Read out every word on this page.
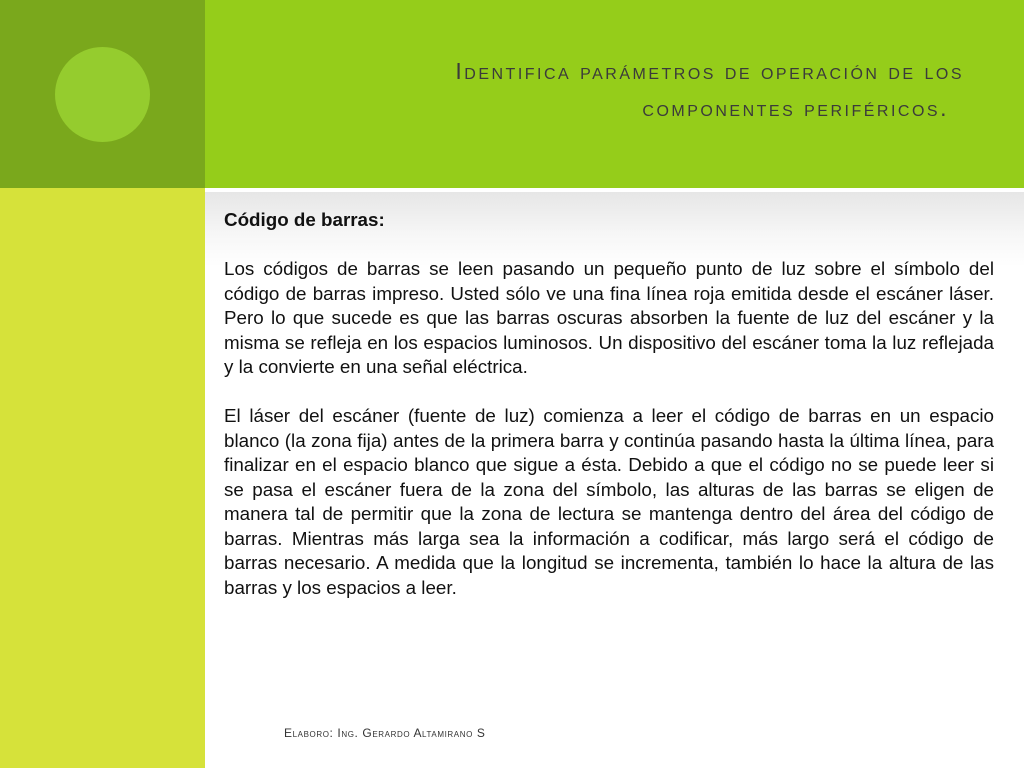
Identifica parámetros de operación de los
componentes periféricos.
Código de barras:

Los códigos de barras se leen pasando un pequeño punto de luz sobre el símbolo del código de barras impreso. Usted sólo ve una fina línea roja emitida desde el escáner láser. Pero lo que sucede es que las barras oscuras absorben la fuente de luz del escáner y la misma se refleja en los espacios luminosos. Un dispositivo del escáner toma la luz reflejada y la convierte en una señal eléctrica.

El láser del escáner (fuente de luz) comienza a leer el código de barras en un espacio blanco (la zona fija) antes de la primera barra y continúa pasando hasta la última línea, para finalizar en el espacio blanco que sigue a ésta. Debido a que el código no se puede leer si se pasa el escáner fuera de la zona del símbolo, las alturas de las barras se eligen de manera tal de permitir que la zona de lectura se mantenga dentro del área del código de barras. Mientras más larga sea la información a codificar, más largo será el código de barras necesario. A medida que la longitud se incrementa, también lo hace la altura de las barras y los espacios a leer.

Elaboro: Ing. Gerardo Altamirano S
